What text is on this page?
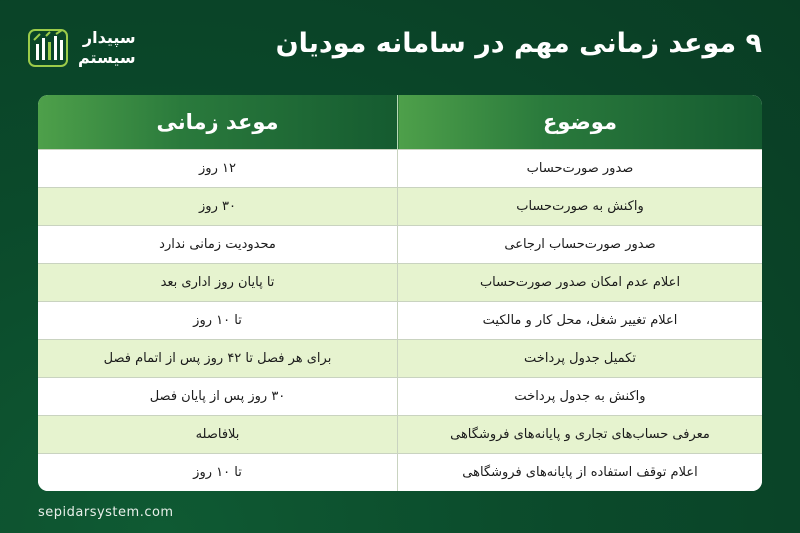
سپیدار
سیستم	۹ موعد زمانی مهم در سامانه مودیان
موضوع	موعد زمانی
صدور صورت‌حساب	۱۲ روز
واکنش به صورت‌حساب	۳۰ روز
صدور صورت‌حساب ارجاعی	محدودیت زمانی ندارد
اعلام عدم امکان صدور صورت‌حساب	تا پایان روز اداری بعد
اعلام تغییر شغل، محل کار و مالکیت	تا ۱۰ روز
تکمیل جدول پرداخت	برای هر فصل تا ۴۲ روز پس از اتمام فصل
واکنش به جدول پرداخت	۳۰ روز پس از پایان فصل
معرفی حساب‌های تجاری و پایانه‌های فروشگاهی	بلافاصله
اعلام توقف استفاده از پایانه‌های فروشگاهی	تا ۱۰ روز
sepidarsystem.com
